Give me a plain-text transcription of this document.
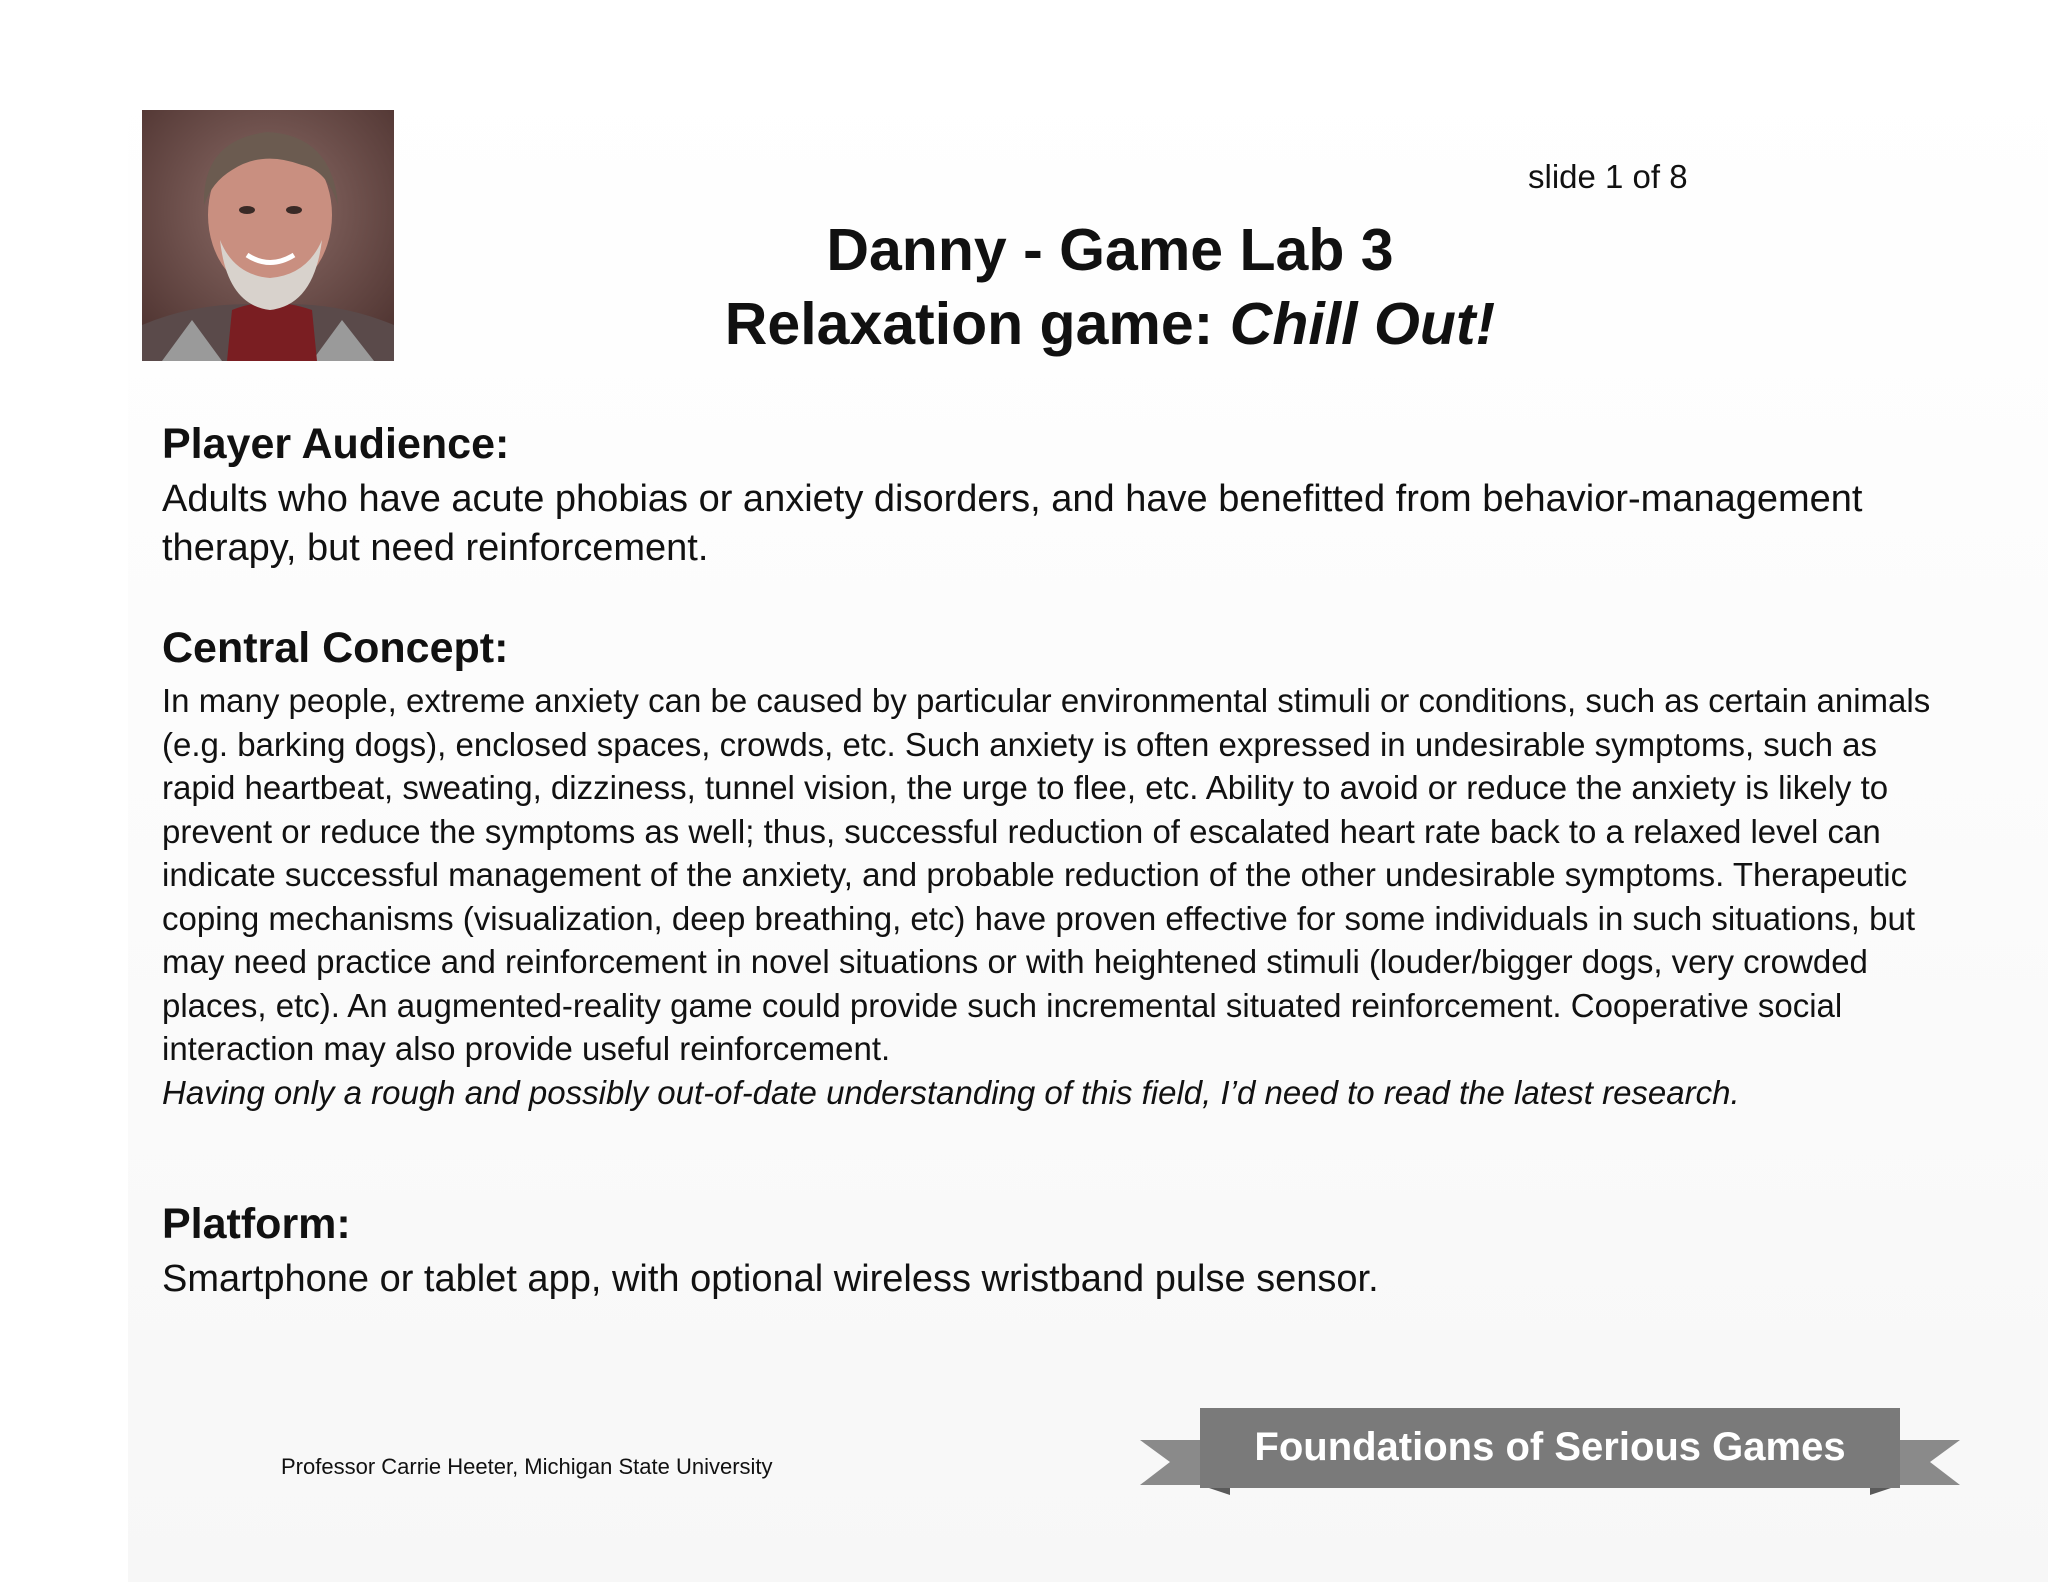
slide 1 of 8
Danny - Game Lab 3
Relaxation game: Chill Out!
Player Audience:

Adults who have acute phobias or anxiety disorders, and have benefitted from behavior-management therapy, but need reinforcement.

Central Concept:

In many people, extreme anxiety can be caused by particular environmental stimuli or conditions, such as certain animals (e.g. barking dogs), enclosed spaces, crowds, etc. Such anxiety is often expressed in undesirable symptoms, such as rapid heartbeat, sweating, dizziness, tunnel vision, the urge to flee, etc. Ability to avoid or reduce the anxiety is likely to prevent or reduce the symptoms as well; thus, successful reduction of escalated heart rate back to a relaxed level can indicate successful management of the anxiety, and probable reduction of the other undesirable symptoms. Therapeutic coping mechanisms (visualization, deep breathing, etc) have proven effective for some individuals in such situations, but may need practice and reinforcement in novel situations or with heightened stimuli (louder/bigger dogs, very crowded places, etc). An augmented-reality game could provide such incremental situated reinforcement. Cooperative social interaction may also provide useful reinforcement.
Having only a rough and possibly out-of-date understanding of this field, I’d need to read the latest research.

Platform:

Smartphone or tablet app, with optional wireless wristband pulse sensor.

Professor Carrie Heeter, Michigan State University	Foundations of Serious Games
